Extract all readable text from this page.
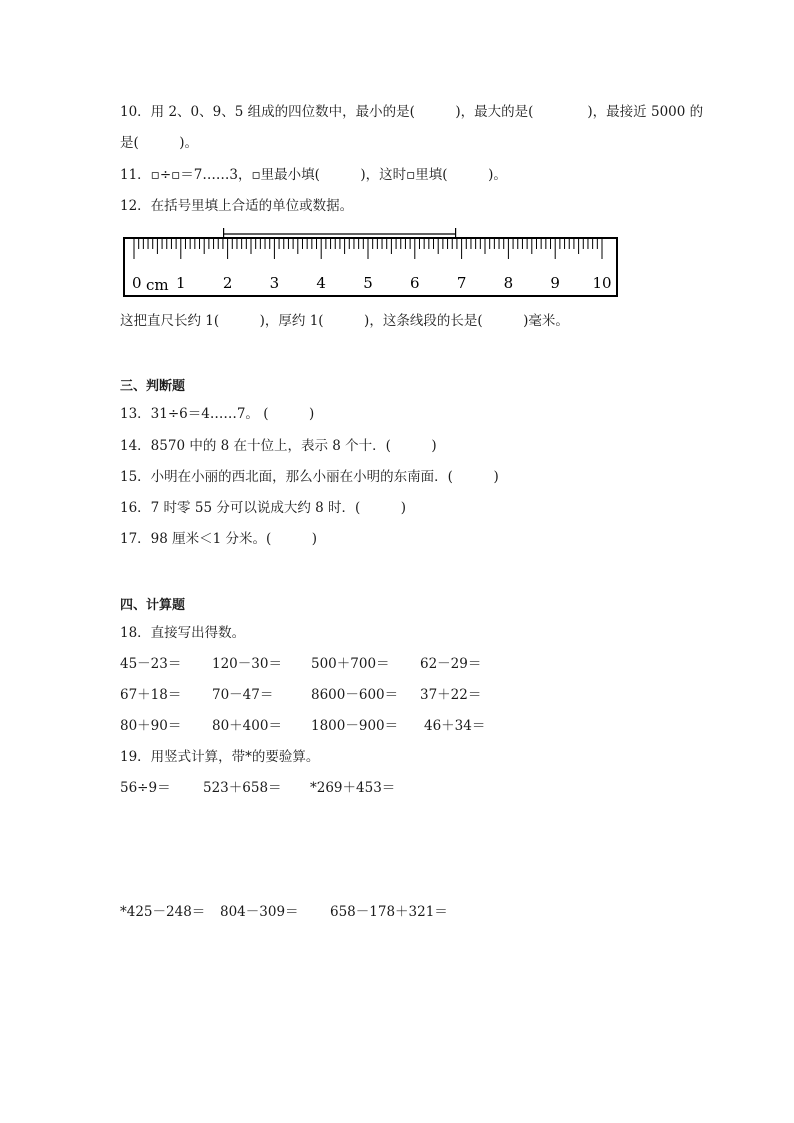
10．用 2、0、9、5 组成的四位数中，最小的是(　　　)，最大的是(　　　　)，最接近 5000 的
是(　　　)。
11．▫÷▫＝7……3，▫里最小填(　　　)，这时▫里填(　　　)。
12．在括号里填上合适的单位或数据。
0 1 2 3 4 5 6 7 8 9 10
cm
这把直尺长约 1(　　　)，厚约 1(　　　)，这条线段的长是(　　　)毫米。
三、判断题
13．31÷6＝4……7。 (　　　)
14．8570 中的 8 在十位上，表示 8 个十．(　　　)
15．小明在小丽的西北面，那么小丽在小明的东南面．(　　　)
16．7 时零 55 分可以说成大约 8 时．(　　　)
17．98 厘米＜1 分米。(　　　)
四、计算题
18．直接写出得数。
45－23＝ 120－30＝ 500＋700＝ 62－29＝
67＋18＝ 70－47＝	8600－600＝ 37＋22＝
80＋90＝ 80＋400＝ 1800－900＝ 46＋34＝
19．用竖式计算，带*的要验算。
56÷9＝ 523＋658＝ *269＋453＝
*425－248＝ 804－309＝ 658－178＋321＝
